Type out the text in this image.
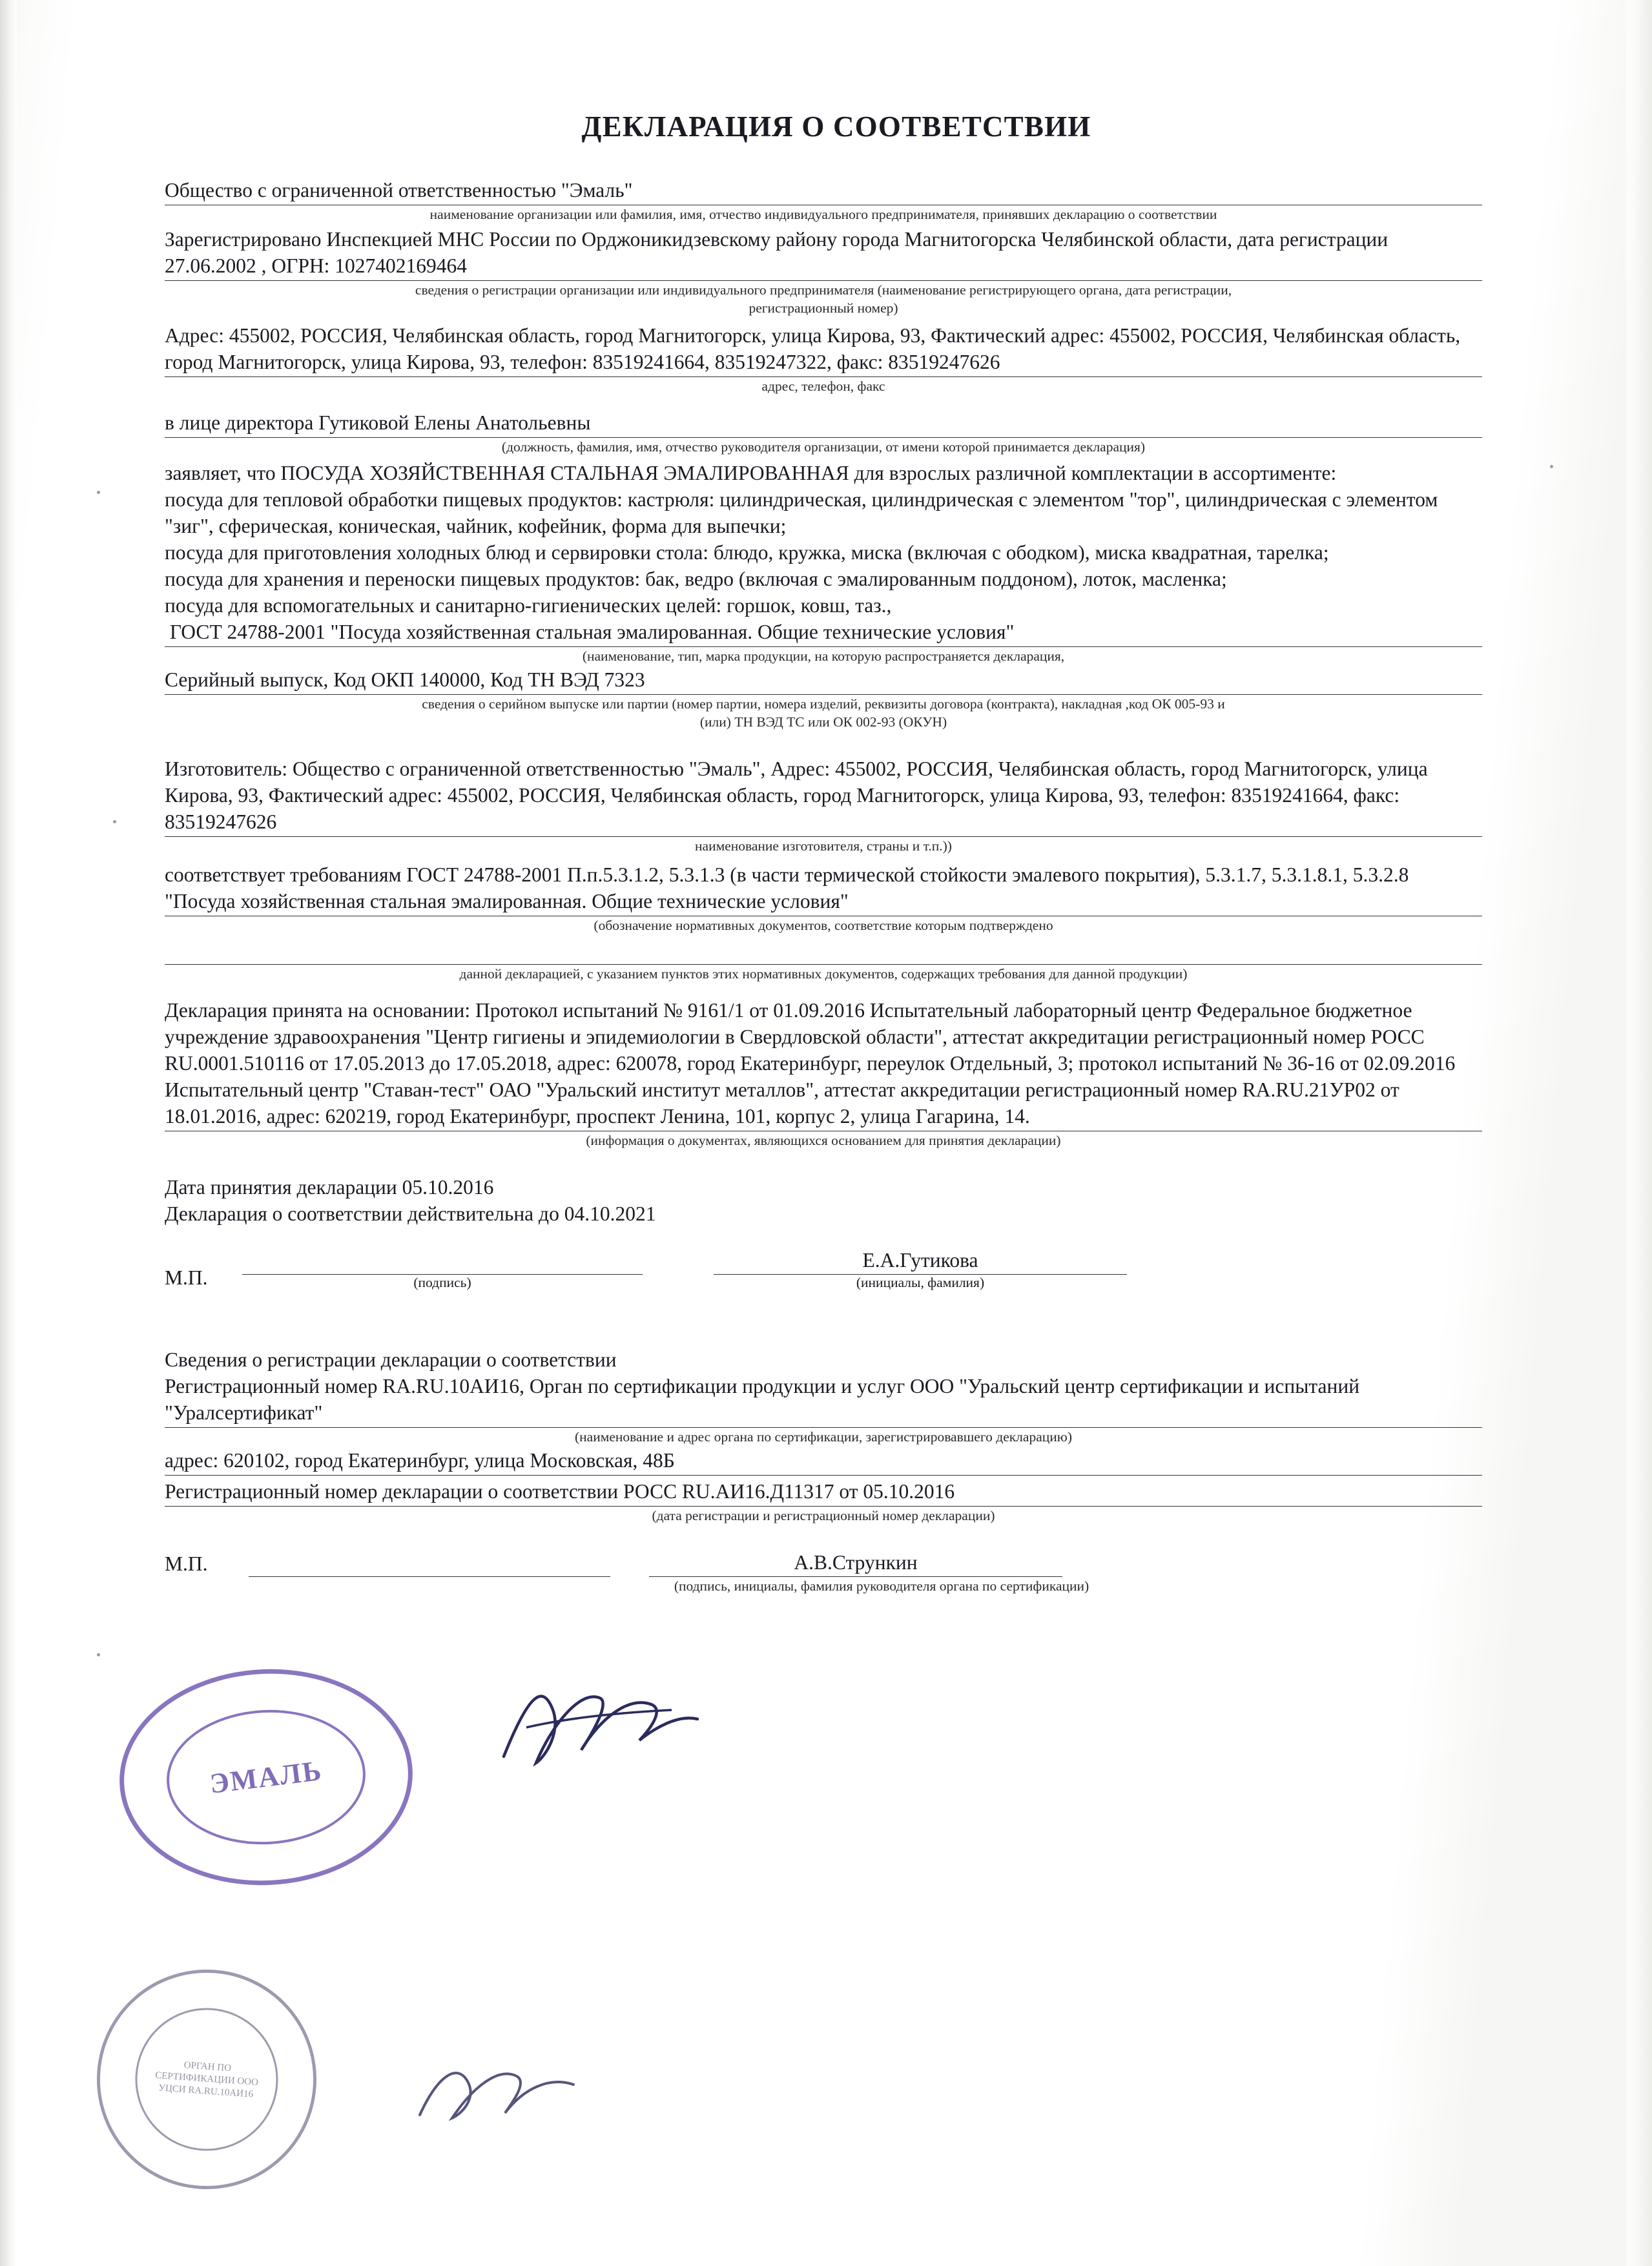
ДЕКЛАРАЦИЯ О СООТВЕТСТВИИ
Общество с ограниченной ответственностью "Эмаль"
наименование организации или фамилия, имя, отчество индивидуального предпринимателя, принявших декларацию о соответствии
Зарегистрировано Инспекцией МНС России по Орджоникидзевскому району города Магнитогорска Челябинской области, дата регистрации 27.06.2002 , ОГРН: 1027402169464
сведения о регистрации организации или индивидуального предпринимателя (наименование регистрирующего органа, дата регистрации,
регистрационный номер)
Адрес: 455002, РОССИЯ, Челябинская область, город Магнитогорск, улица Кирова, 93, Фактический адрес: 455002, РОССИЯ, Челябинская область, город Магнитогорск, улица Кирова, 93, телефон: 83519241664, 83519247322, факс: 83519247626
адрес, телефон, факс
в лице директора Гутиковой Елены Анатольевны
(должность, фамилия, имя, отчество руководителя организации, от имени которой принимается декларация)
заявляет, что ПОСУДА ХОЗЯЙСТВЕННАЯ СТАЛЬНАЯ ЭМАЛИРОВАННАЯ для взрослых различной комплектации в ассортименте:
посуда для тепловой обработки пищевых продуктов: кастрюля: цилиндрическая, цилиндрическая с элементом "тор", цилиндрическая с элементом "зиг", сферическая, коническая, чайник, кофейник, форма для выпечки;
посуда для приготовления холодных блюд и сервировки стола: блюдо, кружка, миска (включая с ободком), миска квадратная, тарелка;
посуда для хранения и переноски пищевых продуктов: бак, ведро (включая с эмалированным поддоном), лоток, масленка;
посуда для вспомогательных и санитарно-гигиенических целей: горшок, ковш, таз.,
ГОСТ 24788-2001 "Посуда хозяйственная стальная эмалированная. Общие технические условия"
(наименование, тип, марка продукции, на которую распространяется декларация,
Серийный выпуск, Код ОКП 140000, Код ТН ВЭД 7323
сведения о серийном выпуске или партии (номер партии, номера изделий, реквизиты договора (контракта), накладная ,код ОК 005-93 и
(или) ТН ВЭД ТС или ОК 002-93 (ОКУН)
Изготовитель: Общество с ограниченной ответственностью "Эмаль", Адрес: 455002, РОССИЯ, Челябинская область, город Магнитогорск, улица Кирова, 93, Фактический адрес: 455002, РОССИЯ, Челябинская область, город Магнитогорск, улица Кирова, 93, телефон: 83519241664, факс: 83519247626
наименование изготовителя, страны и т.п.))
соответствует требованиям ГОСТ 24788-2001 П.п.5.3.1.2, 5.3.1.3 (в части термической стойкости эмалевого покрытия), 5.3.1.7, 5.3.1.8.1, 5.3.2.8 "Посуда хозяйственная стальная эмалированная. Общие технические условия"
(обозначение нормативных документов, соответствие которым подтверждено
данной декларацией, с указанием пунктов этих нормативных документов, содержащих требования для данной продукции)
Декларация принята на основании: Протокол испытаний № 9161/1 от 01.09.2016 Испытательный лабораторный центр Федеральное бюджетное учреждение здравоохранения "Центр гигиены и эпидемиологии в Свердловской области", аттестат аккредитации регистрационный номер РОСС RU.0001.510116 от 17.05.2013 до 17.05.2018, адрес: 620078, город Екатеринбург, переулок Отдельный, 3; протокол испытаний № 36-16 от 02.09.2016 Испытательный центр "Ставан-тест" ОАО "Уральский институт металлов", аттестат аккредитации регистрационный номер RA.RU.21УР02 от 18.01.2016, адрес: 620219, город Екатеринбург, проспект Ленина, 101, корпус 2, улица Гагарина, 14.
(информация о документах, являющихся основанием для принятия декларации)
Дата принятия декларации 05.10.2016
Декларация о соответствии действительна до 04.10.2021
М.П.	(подпись)
Е.А.Гутикова
(инициалы, фамилия)
Сведения о регистрации декларации о соответствии
Регистрационный номер RA.RU.10АИ16, Орган по сертификации продукции и услуг ООО "Уральский центр сертификации и испытаний "Уралсертификат"
(наименование и адрес органа по сертификации, зарегистрировавшего декларацию)
адрес: 620102, город Екатеринбург, улица Московская, 48Б
Регистрационный номер декларации о соответствии РОСС RU.АИ16.Д11317 от 05.10.2016
(дата регистрации и регистрационный номер декларации)
М.П.	А.В.Стрункин
(подпись, инициалы, фамилия руководителя органа по сертификации)
ЭМАЛЬ
ОРГАН ПО СЕРТИФИКАЦИИ ООО УЦСИ RA.RU.10АИ16
